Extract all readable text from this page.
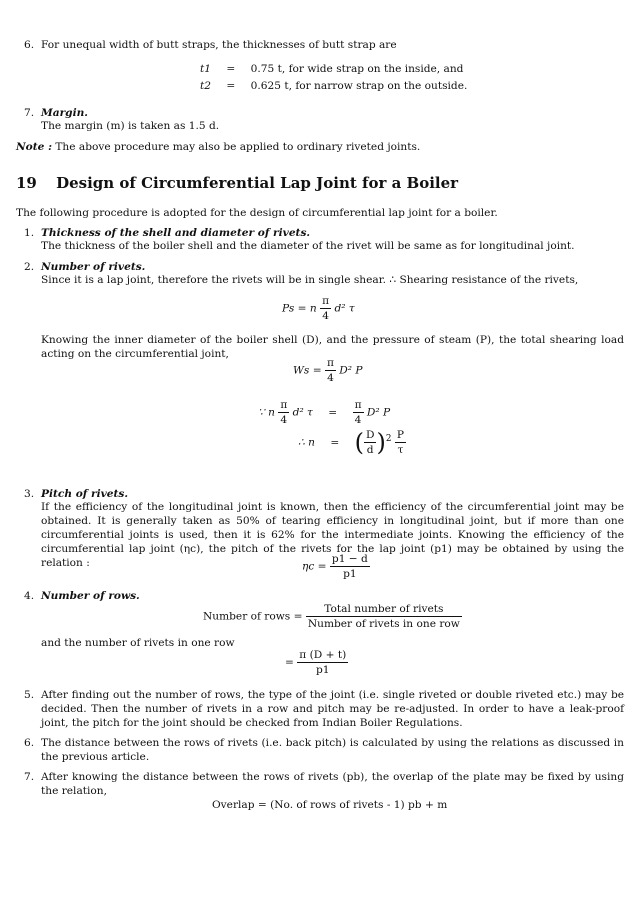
6. For unequal width of butt straps, the thicknesses of butt strap are
t1 = 0.75 t, for wide strap on the inside, and
t2 = 0.625 t, for narrow strap on the outside.
7. Margin.
The margin (m) is taken as 1.5 d.
Note : The above procedure may also be applied to ordinary riveted joints.
19 Design of Circumferential Lap Joint for a Boiler
The following procedure is adopted for the design of circumferential lap joint for a boiler.
1. Thickness of the shell and diameter of rivets.
The thickness of the boiler shell and the diameter of the rivet will be same as for longitudinal joint.
2. Number of rivets.
Since it is a lap joint, therefore the rivets will be in single shear. ∴ Shearing resistance of the rivets,
Ps = n $\frac{\pi}{4} d^2$ τ
Knowing the inner diameter of the boiler shell (D), and the pressure of steam (P), the total shearing load acting on the circumferential joint,
$Ws = \frac{\pi}{4} D^2$ P
∵ n $\frac{\pi}{4} d^2$ $\tau = \frac{\pi}{4} D^2$ P
∴ n = ( $\frac{D}{d} )^2 \frac{P}{\tau}$
3. Pitch of rivets.
If the efficiency of the longitudinal joint is known, then the efficiency of the circumferential joint may be obtained. It is generally taken as 50% of tearing efficiency in longitudinal joint, but if more than one circumferential joints is used, then it is 62% for the intermediate joints. Knowing the efficiency of the circumferential lap joint (ηc), the pitch of the rivets for the lap joint (p1) may be obtained by using the relation :	$\eta c = \frac{p1 - d}{p1}$
4. Number of rows.
Number of rows = $\frac{\text{Total number of rivets}}{\text{Number of rivets in one row}}$
and the number of rivets in one row
= $\frac{\pi (D + t)}{p1}$
5. After finding out the number of rows, the type of the joint (i.e. single riveted or double riveted etc.) may be decided. Then the number of rivets in a row and pitch may be re-adjusted. In order to have a leak-proof joint, the pitch for the joint should be checked from Indian Boiler Regulations.
6. The distance between the rows of rivets (i.e. back pitch) is calculated by using the relations as discussed in the previous article.
7. After knowing the distance between the rows of rivets (pb), the overlap of the plate may be fixed by using the relation,
Overlap = (No. of rows of rivets - 1) pb + m
